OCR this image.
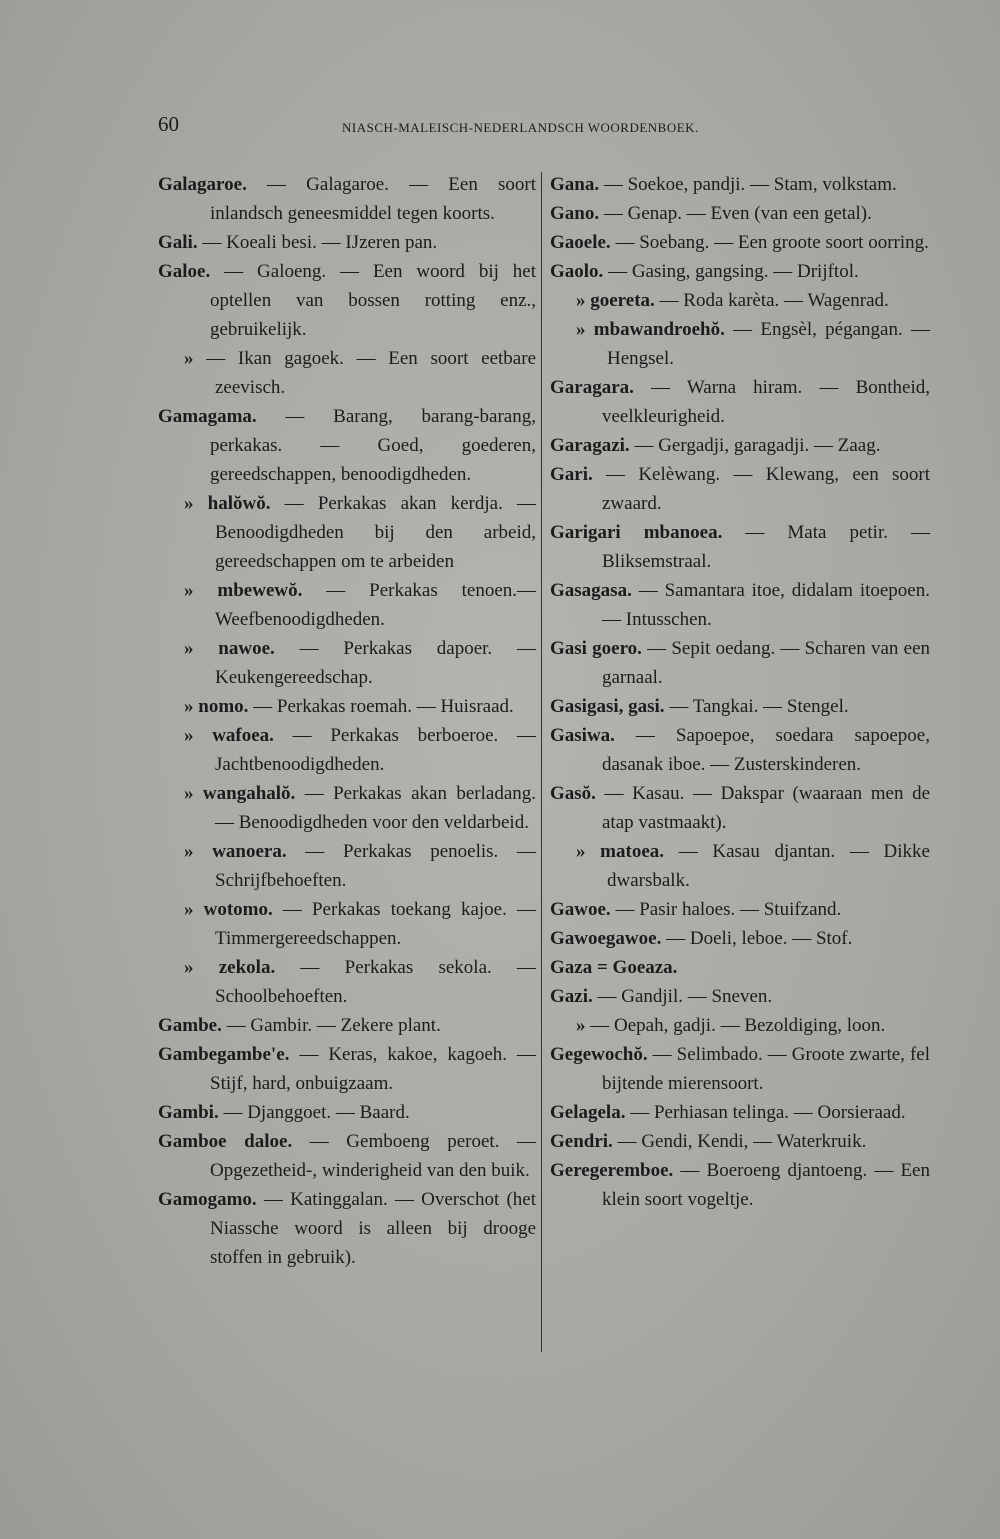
60	NIASCH-MALEISCH-NEDERLANDSCH WOORDENBOEK.

Galagaroe. — Galagaroe. — Een soort inlandsch geneesmiddel tegen koorts.

Gali. — Koeali besi. — IJzeren pan.

Galoe. — Galoeng. — Een woord bij het optellen van bossen rotting enz., gebruikelijk.

» — Ikan gagoek. — Een soort eetbare zeevisch.

Gamagama. — Barang, barang-barang, perkakas. — Goed, goederen, gereedschappen, benoodigdheden.

» halŏwŏ. — Perkakas akan kerdja. — Benoodigdheden bij den arbeid, gereedschappen om te arbeiden

» mbewewŏ. — Perkakas tenoen.— Weefbenoodigdheden.

» nawoe. — Perkakas dapoer. — Keukengereedschap.

» nomo. — Perkakas roemah. — Huisraad.

» wafoea. — Perkakas berboeroe. — Jachtbenoodigdheden.

» wangahalŏ. — Perkakas akan berladang. — Benoodigdheden voor den veldarbeid.

» wanoera. — Perkakas penoelis. — Schrijfbehoeften.

» wotomo. — Perkakas toekang kajoe. — Timmergereedschappen.

» zekola. — Perkakas sekola. — Schoolbehoeften.

Gambe. — Gambir. — Zekere plant.

Gambegambe'e. — Keras, kakoe, kagoeh. — Stijf, hard, onbuigzaam.

Gambi. — Djanggoet. — Baard.

Gamboe daloe. — Gemboeng peroet. — Opgezetheid-, winderigheid van den buik.

Gamogamo. — Katinggalan. — Overschot (het Niassche woord is alleen bij drooge stoffen in gebruik).

Gana. — Soekoe, pandji. — Stam, volkstam.

Gano. — Genap. — Even (van een getal).

Gaoele. — Soebang. — Een groote soort oorring.

Gaolo. — Gasing, gangsing. — Drijftol.

» goereta. — Roda karèta. — Wagenrad.

» mbawandroehŏ. — Engsèl, pégangan. — Hengsel.

Garagara. — Warna hiram. — Bontheid, veelkleurigheid.

Garagazi. — Gergadji, garagadji. — Zaag.

Gari. — Kelèwang. — Klewang, een soort zwaard.

Garigari mbanoea. — Mata petir. — Bliksemstraal.

Gasagasa. — Samantara itoe, didalam itoepoen. — Intusschen.

Gasi goero. — Sepit oedang. — Scharen van een garnaal.

Gasigasi, gasi. — Tangkai. — Stengel.

Gasiwa. — Sapoepoe, soedara sapoepoe, dasanak iboe. — Zusterskinderen.

Gasŏ. — Kasau. — Dakspar (waaraan men de atap vastmaakt).

» matoea. — Kasau djantan. — Dikke dwarsbalk.

Gawoe. — Pasir haloes. — Stuifzand.

Gawoegawoe. — Doeli, leboe. — Stof.

Gaza = Goeaza.

Gazi. — Gandjil. — Sneven.

» — Oepah, gadji. — Bezoldiging, loon.

Gegewochŏ. — Selimbado. — Groote zwarte, fel bijtende mierensoort.

Gelagela. — Perhiasan telinga. — Oorsieraad.

Gendri. — Gendi, Kendi, — Waterkruik.

Geregeremboe. — Boeroeng djantoeng. — Een klein soort vogeltje.
